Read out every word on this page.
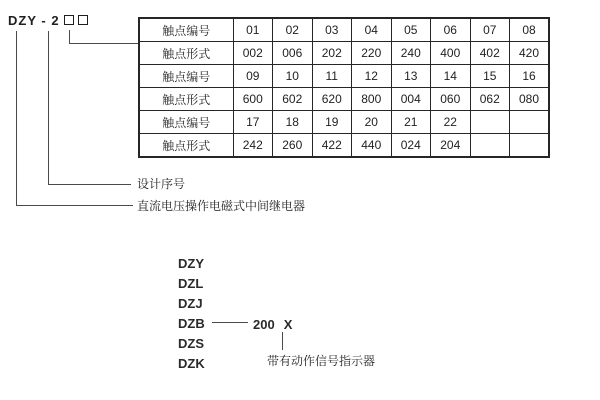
DZY - 2
触点编号	01	02	03	04	05	06	07	08
触点形式	002	006	202	220	240	400	402	420
触点编号	09	10	11	12	13	14	15	16
触点形式	600	602	620	800	004	060	062	080
触点编号	17	18	19	20	21	22		
触点形式	242	260	422	440	024	204		
设计序号
直流电压操作电磁式中间继电器
DZY
DZL
DZJ
DZB
DZS
DZK
200 X
带有动作信号指示器
